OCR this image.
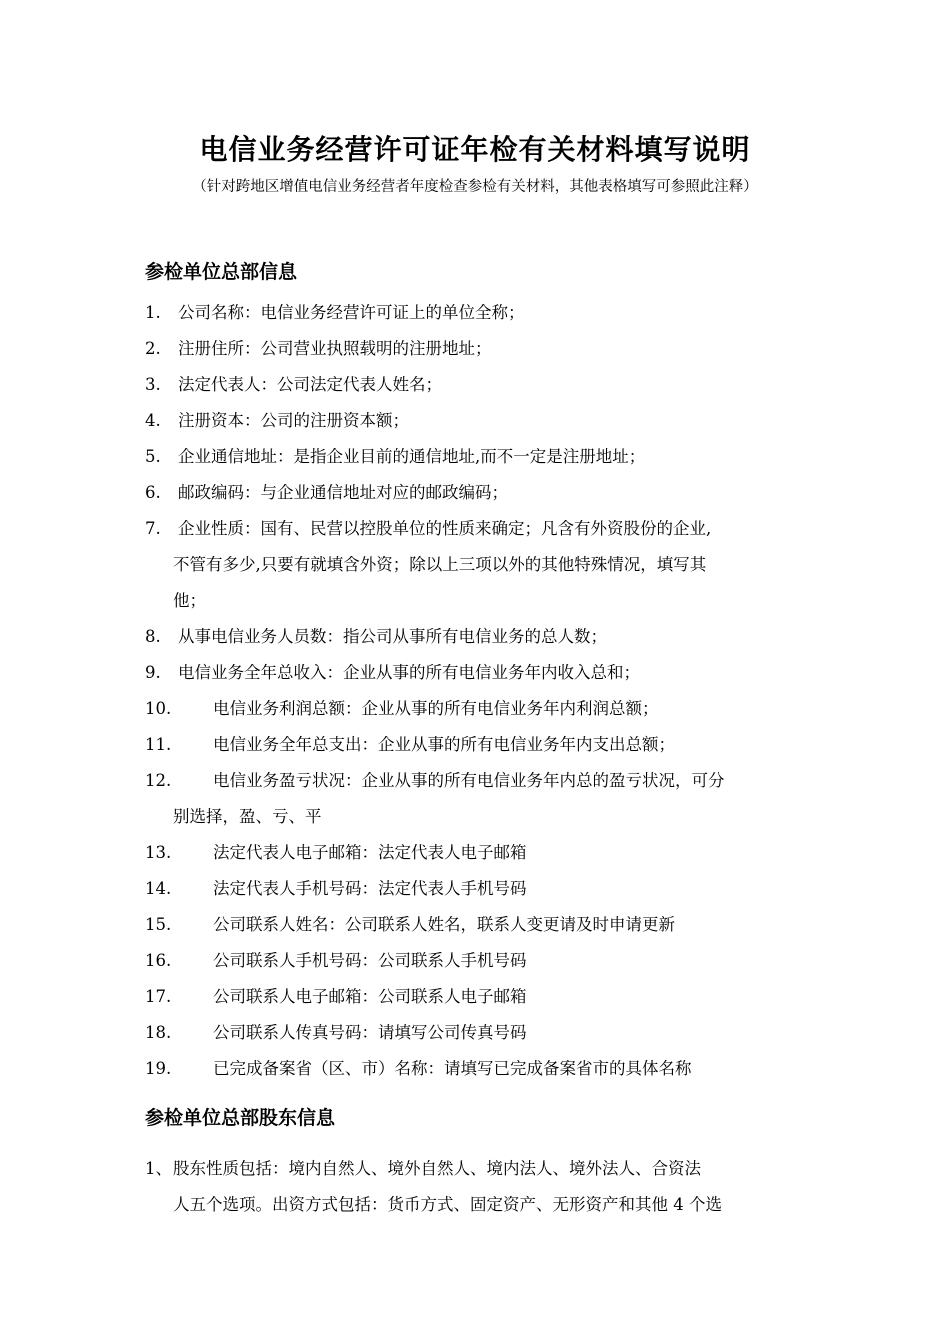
电信业务经营许可证年检有关材料填写说明
（针对跨地区增值电信业务经营者年度检查参检有关材料，其他表格填写可参照此注释）
参检单位总部信息
1. 公司名称：电信业务经营许可证上的单位全称；
2. 注册住所：公司营业执照载明的注册地址；
3. 法定代表人：公司法定代表人姓名；
4. 注册资本：公司的注册资本额；
5. 企业通信地址：是指企业目前的通信地址,而不一定是注册地址；
6. 邮政编码：与企业通信地址对应的邮政编码；
7. 企业性质：国有、民营以控股单位的性质来确定；凡含有外资股份的企业,
不管有多少,只要有就填含外资；除以上三项以外的其他特殊情况，填写其
他；
8. 从事电信业务人员数：指公司从事所有电信业务的总人数；
9. 电信业务全年总收入：企业从事的所有电信业务年内收入总和；
10.	电信业务利润总额：企业从事的所有电信业务年内利润总额；
11.	电信业务全年总支出：企业从事的所有电信业务年内支出总额；
12.	电信业务盈亏状况：企业从事的所有电信业务年内总的盈亏状况，可分
别选择，盈、亏、平
13.	法定代表人电子邮箱：法定代表人电子邮箱
14.	法定代表人手机号码：法定代表人手机号码
15.	公司联系人姓名：公司联系人姓名，联系人变更请及时申请更新
16.	公司联系人手机号码：公司联系人手机号码
17.	公司联系人电子邮箱：公司联系人电子邮箱
18.	公司联系人传真号码：请填写公司传真号码
19.	已完成备案省（区、市）名称：请填写已完成备案省市的具体名称
参检单位总部股东信息
1、股东性质包括：境内自然人、境外自然人、境内法人、境外法人、合资法
人五个选项。出资方式包括：货币方式、固定资产、无形资产和其他 4 个选
